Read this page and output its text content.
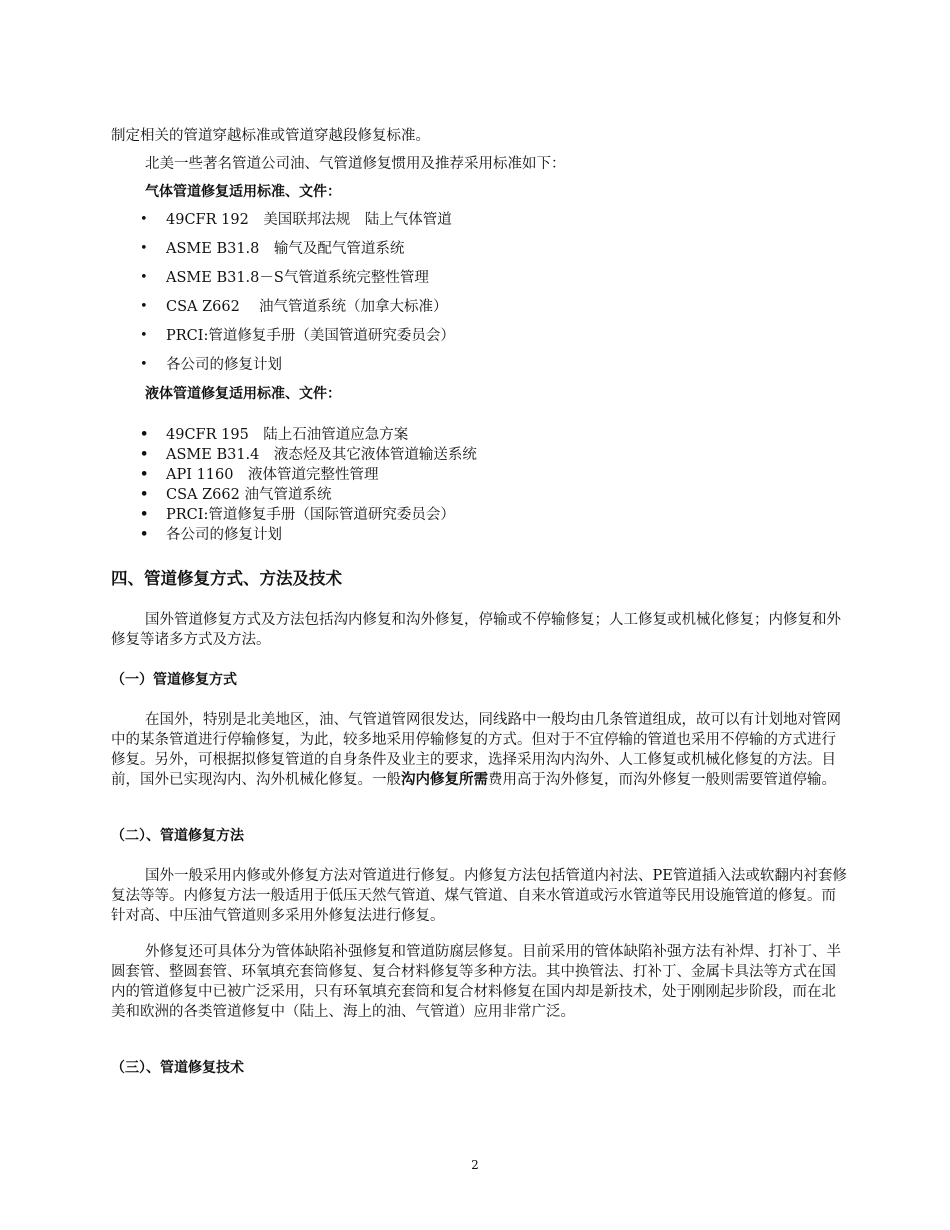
制定相关的管道穿越标准或管道穿越段修复标准。
北美一些著名管道公司油、气管道修复惯用及推荐采用标准如下：
气体管道修复适用标准、文件：
• 49CFR 192　美国联邦法规　陆上气体管道
• ASME B31.8　输气及配气管道系统
• ASME B31.8－S气管道系统完整性管理
• CSA Z662　 油气管道系统（加拿大标准）
• PRCI:管道修复手册（美国管道研究委员会）
• 各公司的修复计划
液体管道修复适用标准、文件：
• 49CFR 195　陆上石油管道应急方案
• ASME B31.4　液态烃及其它液体管道输送系统
• API 1160　液体管道完整性管理
• CSA Z662 油气管道系统
• PRCI:管道修复手册（国际管道研究委员会）
• 各公司的修复计划
四、管道修复方式、方法及技术
国外管道修复方式及方法包括沟内修复和沟外修复，停输或不停输修复；人工修复或机械化修复；内修复和外修复等诸多方式及方法。
（一）管道修复方式
在国外，特别是北美地区，油、气管道管网很发达，同线路中一般均由几条管道组成，故可以有计划地对管网中的某条管道进行停输修复，为此，较多地采用停输修复的方式。但对于不宜停输的管道也采用不停输的方式进行修复。另外，可根据拟修复管道的自身条件及业主的要求，选择采用沟内沟外、人工修复或机械化修复的方法。目前，国外已实现沟内、沟外机械化修复。一般沟内修复所需费用高于沟外修复，而沟外修复一般则需要管道停输。
（二）、管道修复方法
国外一般采用内修或外修复方法对管道进行修复。内修复方法包括管道内衬法、PE管道插入法或软翻内衬套修复法等等。内修复方法一般适用于低压天然气管道、煤气管道、自来水管道或污水管道等民用设施管道的修复。而针对高、中压油气管道则多采用外修复法进行修复。
外修复还可具体分为管体缺陷补强修复和管道防腐层修复。目前采用的管体缺陷补强方法有补焊、打补丁、半圆套管、整圆套管、环氧填充套筒修复、复合材料修复等多种方法。其中换管法、打补丁、金属卡具法等方式在国内的管道修复中已被广泛采用，只有环氧填充套筒和复合材料修复在国内却是新技术，处于刚刚起步阶段，而在北美和欧洲的各类管道修复中（陆上、海上的油、气管道）应用非常广泛。
（三）、管道修复技术
2
